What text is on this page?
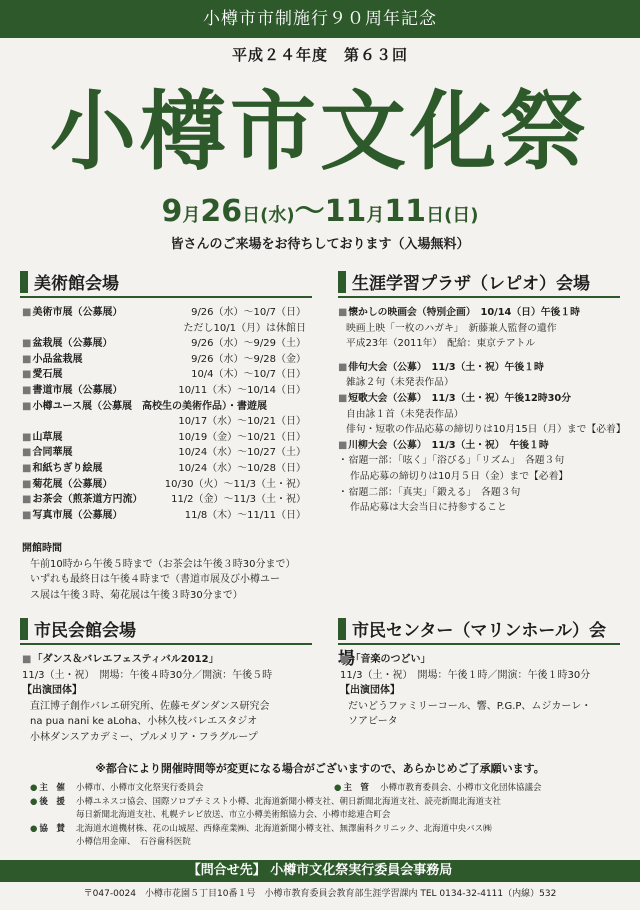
小樽市市制施行９０周年記念
平成２４年度　第６３回
小樽市文化祭
9月26日(水)〜11月11日(日)
皆さんのご来場をお待ちしております（入場無料）
美術館会場
■ 美術市展（公募展）	9/26（水）〜10/7（日）
ただし10/1（月）は休館日
■ 盆栽展（公募展）	9/26（水）〜9/29（土）
■ 小品盆栽展	9/26（水）〜9/28（金）
■ 愛石展	10/4（木）〜10/7（日）
■ 書道市展（公募展）	10/11（木）〜10/14（日）
■ 小樽ユース展（公募展　高校生の美術作品）・書遊展
10/17（水）〜10/21（日）
■ 山草展	10/19（金）〜10/21（日）
■ 合同華展	10/24（水）〜10/27（土）
■ 和紙ちぎり絵展	10/24（水）〜10/28（日）
■ 菊花展（公募展）	10/30（火）〜11/3（土・祝）
■ お茶会（煎茶道方円流）	11/2（金）〜11/3（土・祝）
■ 写真市展（公募展）	11/8（木）〜11/11（日）
開館時間
午前10時から午後５時まで（お茶会は午後３時30分まで）
いずれも最終日は午後４時まで（書道市展及び小樽ユー
ス展は午後３時、菊花展は午後３時30分まで）
生涯学習プラザ（レピオ）会場
■ 懐かしの映画会（特別企画）　10/14（日）午後１時
映画上映「一枚のハガキ」　新藤兼人監督の遺作
平成23年（2011年）　配給：東京テアトル
■ 俳句大会（公募）　11/3（土・祝）午後１時
雑詠２句（未発表作品）
■ 短歌大会（公募）　11/3（土・祝）午後12時30分
自由詠１首（未発表作品）
俳句・短歌の作品応募の締切りは10月15日（月）まで【必着】
■ 川柳大会（公募）　11/3（土・祝）　午後１時
・ 宿題一部：「呟く」「浴びる」「リズム」　各題３句
作品応募の締切りは10月５日（金）まで【必着】
・ 宿題二部：「真実」「鍛える」　各題３句
作品応募は大会当日に持参すること
市民会館会場
■ 「ダンス＆バレエフェスティバル2012」
11/3（土・祝）　開場：午後４時30分／開演：午後５時
【出演団体】
直江博子創作バレエ研究所、佐藤モダンダンス研究会
na pua nani ke aLoha、小林久枝バレエスタジオ
小林ダンスアカデミー、プルメリア・フラグループ
市民センター（マリンホール）会場
■ 「音楽のつどい」
11/3（土・祝）　開場：午後１時／開演：午後１時30分
【出演団体】
だいどうファミリーコール、響、P.G.P、ムジカーレ・
ソアビータ
※都合により開催時間等が変更になる場合がございますので、あらかじめご了承願います。
● 主　催	小樽市、小樽市文化祭実行委員会
●	主　管	小樽市教育委員会、小樽市文化団体協議会
● 後　援	小樽ユネスコ協会、国際ソロプチミスト小樽、北海道新聞小樽支社、朝日新聞北海道支社、読売新聞北海道支社
毎日新聞北海道支社、札幌テレビ放送、市立小樽美術館協力会、小樽市総連合町会
● 協　賛	北海道水道機材株、花の山城屋、西條産業㈱、北海道新聞小樽支社、無澤歯科クリニック、北海道中央バス㈱
小樽信用金庫、　石谷歯科医院
【問合せ先】 小樽市文化祭実行委員会事務局
〒047-0024　小樽市花園５丁目10番１号　小樽市教育委員会教育部生涯学習課内 TEL 0134-32-4111（内線）532
